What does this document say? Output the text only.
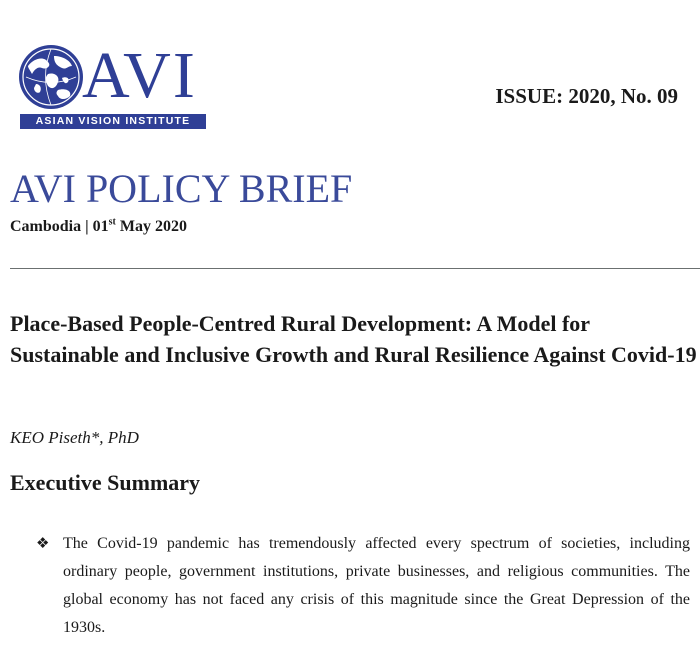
AVI
ASIAN VISION INSTITUTE
ISSUE: 2020, No. 09
AVI POLICY BRIEF
Cambodia | 01st May 2020
Place-Based People-Centred Rural Development: A Model for Sustainable and Inclusive Growth and Rural Resilience Against Covid-19
KEO Piseth*, PhD
Executive Summary
❖ The Covid-19 pandemic has tremendously affected every spectrum of societies, including ordinary people, government institutions, private businesses, and religious communities. The global economy has not faced any crisis of this magnitude since the Great Depression of the 1930s.
